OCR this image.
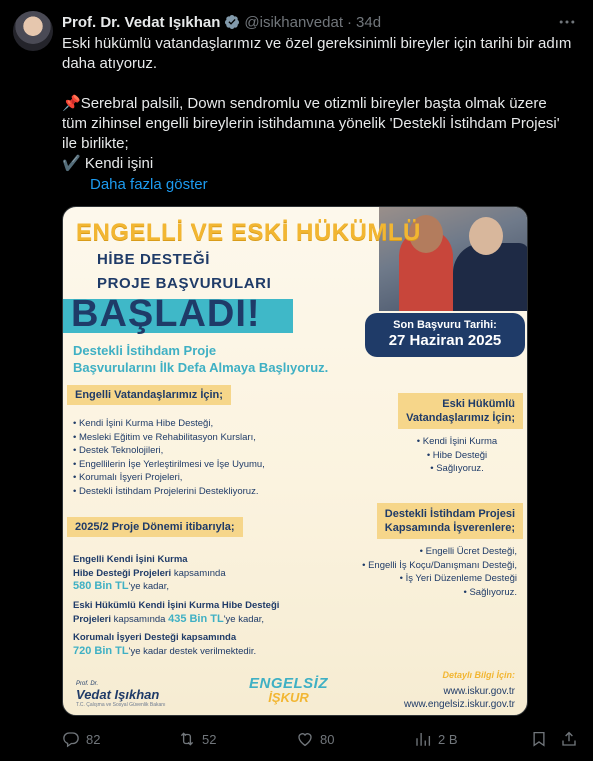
Prof. Dr. Vedat Işıkhan @isikhanvedat · 34d

Eski hükümlü vatandaşlarımız ve özel gereksinimli bireyler için tarihi bir adım daha atıyoruz.

📌Serebral palsili, Down sendromlu ve otizmli bireyler başta olmak üzere tüm zihinsel engelli bireylerin istihdamına yönelik 'Destekli İstihdam Projesi' ile birlikte;

✔️ Kendi işini

Daha fazla göster
ENGELLİ VE ESKİ HÜKÜMLÜ
HİBE DESTEĞİ
PROJE BAŞVURULARI
BAŞLADI!
Destekli İstihdam Proje
Başvurularını İlk Defa Almaya Başlıyoruz.
Son Başvuru Tarihi:
27 Haziran 2025
Engelli Vatandaşlarımız İçin;
• Kendi İşini Kurma Hibe Desteği,
• Mesleki Eğitim ve Rehabilitasyon Kursları,
• Destek Teknolojileri,
• Engellilerin İşe Yerleştirilmesi ve İşe Uyumu,
• Korumalı İşyeri Projeleri,
• Destekli İstihdam Projelerini Destekliyoruz.
Eski Hükümlü
Vatandaşlarımız İçin;
• Kendi İşini Kurma
• Hibe Desteği
• Sağlıyoruz.
Destekli İstihdam Projesi
Kapsamında İşverenlere;
• Engelli Ücret Desteği,
• Engelli İş Koçu/Danışmanı Desteği,
• İş Yeri Düzenleme Desteği
• Sağlıyoruz.
2025/2 Proje Dönemi itibarıyla;
Engelli Kendi İşini Kurma
Hibe Desteği Projeleri kapsamında
580 Bin TL'ye kadar,
Eski Hükümlü Kendi İşini Kurma Hibe Desteği
Projeleri kapsamında 435 Bin TL'ye kadar,
Korumalı İşyeri Desteği kapsamında
720 Bin TL'ye kadar destek verilmektedir.
Prof. Dr.
Vedat Işıkhan
T.C. Çalışma ve Sosyal Güvenlik Bakanı
ENGELSİZ
İŞKUR
Detaylı Bilgi İçin:
www.iskur.gov.tr
www.engelsiz.iskur.gov.tr
82	52	80	2 B
